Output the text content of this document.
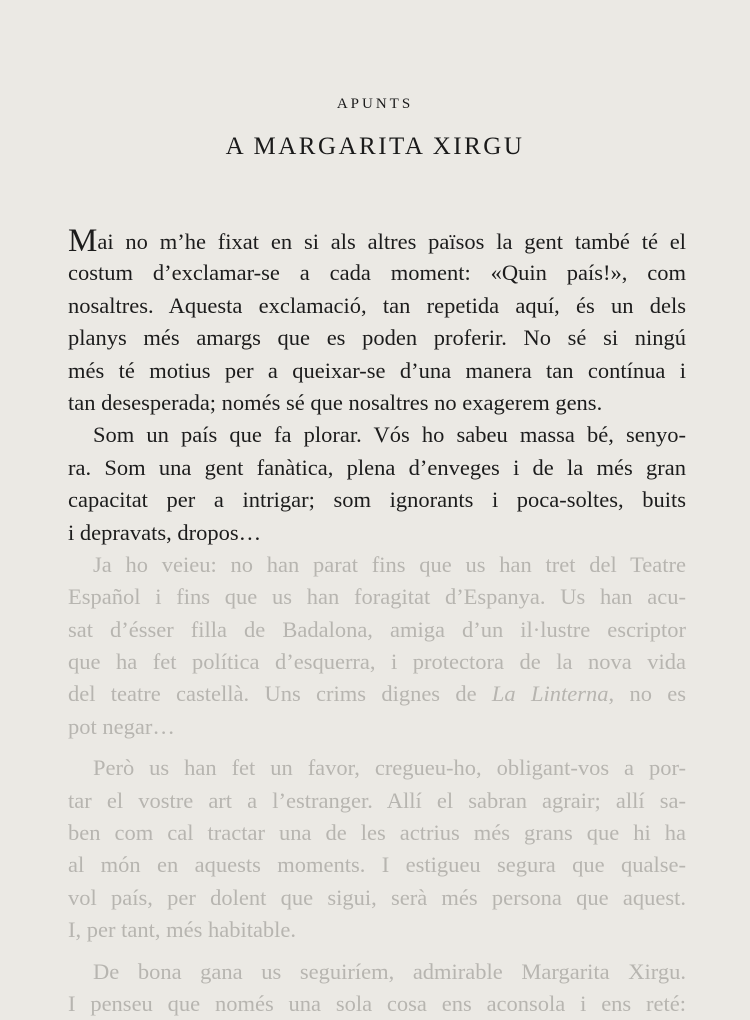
APUNTS
A MARGARITA XIRGU
Mai no m’he fixat en si als altres països la gent també té el
costum d’exclamar-se a cada moment: «Quin país!», com
nosaltres. Aquesta exclamació, tan repetida aquí, és un dels
planys més amargs que es poden proferir. No sé si ningú
més té motius per a queixar-se d’una manera tan contínua i
tan desesperada; només sé que nosaltres no exagerem gens.
Som un país que fa plorar. Vós ho sabeu massa bé, senyo-
ra. Som una gent fanàtica, plena d’enveges i de la més gran
capacitat per a intrigar; som ignorants i poca-soltes, buits
i depravats, dropos…
Ja ho veieu: no han parat fins que us han tret del Teatre
Español i fins que us han foragitat d’Espanya. Us han acu-
sat d’ésser filla de Badalona, amiga d’un il·lustre escriptor
que ha fet política d’esquerra, i protectora de la nova vida
del teatre castellà. Uns crims dignes de La Linterna, no es
pot negar…
Però us han fet un favor, cregueu-ho, obligant-vos a por-
tar el vostre art a l’estranger. Allí el sabran agrair; allí sa-
ben com cal tractar una de les actrius més grans que hi ha
al món en aquests moments. I estigueu segura que qualse-
vol país, per dolent que sigui, serà més persona que aquest.
I, per tant, més habitable.
De bona gana us seguiríem, admirable Margarita Xirgu.
I penseu que només una sola cosa ens aconsola i ens reté:
